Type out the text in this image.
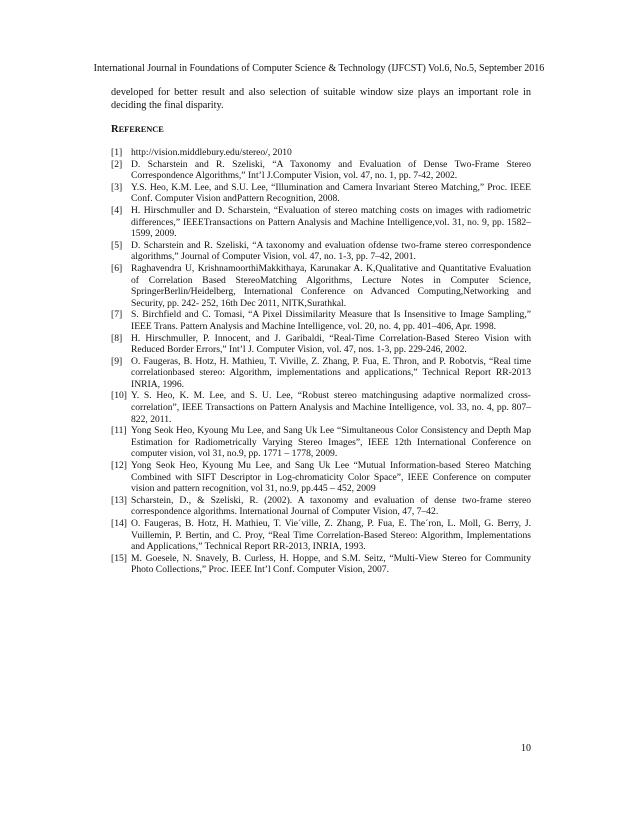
International Journal in Foundations of Computer Science & Technology (IJFCST) Vol.6, No.5, September 2016

developed for better result and also selection of suitable window size plays an important role in deciding the final disparity.

REFERENCE
[1] http://vision.middlebury.edu/stereo/, 2010
[2] D. Scharstein and R. Szeliski, “A Taxonomy and Evaluation of Dense Two-Frame Stereo Correspondence Algorithms,” Int’l J.Computer Vision, vol. 47, no. 1, pp. 7-42, 2002.
[3] Y.S. Heo, K.M. Lee, and S.U. Lee, “Illumination and Camera Invariant Stereo Matching,” Proc. IEEE Conf. Computer Vision andPattern Recognition, 2008.
[4] H. Hirschmuller and D. Scharstein, “Evaluation of stereo matching costs on images with radiometric differences,” IEEETransactions on Pattern Analysis and Machine Intelligence,vol. 31, no. 9, pp. 1582–1599, 2009.
[5] D. Scharstein and R. Szeliski, “A taxonomy and evaluation ofdense two-frame stereo correspondence algorithms,” Journal of Computer Vision, vol. 47, no. 1-3, pp. 7–42, 2001.
[6] Raghavendra U, KrishnamoorthiMakkithaya, Karunakar A. K,Qualitative and Quantitative Evaluation of Correlation Based StereoMatching Algorithms, Lecture Notes in Computer Science, SpringerBerlin/Heidelberg, International Conference on Advanced Computing,Networking and Security, pp. 242- 252, 16th Dec 2011, NITK,Surathkal.
[7] S. Birchfield and C. Tomasi, “A Pixel Dissimilarity Measure that Is Insensitive to Image Sampling,” IEEE Trans. Pattern Analysis and Machine Intelligence, vol. 20, no. 4, pp. 401–406, Apr. 1998.
[8] H. Hirschmuller, P. Innocent, and J. Garibaldi, “Real-Time Correlation-Based Stereo Vision with Reduced Border Errors,” Int’l J. Computer Vision, vol. 47, nos. 1-3, pp. 229-246, 2002.
[9] O. Faugeras, B. Hotz, H. Mathieu, T. Viville, Z. Zhang, P. Fua, E. Thron, and P. Robotvis, “Real time correlationbased stereo: Algorithm, implementations and applications,” Technical Report RR-2013 INRIA, 1996.
[10] Y. S. Heo, K. M. Lee, and S. U. Lee, “Robust stereo matchingusing adaptive normalized cross-correlation”, IEEE Transactions on Pattern Analysis and Machine Intelligence, vol. 33, no. 4, pp. 807–822, 2011.
[11] Yong Seok Heo, Kyoung Mu Lee, and Sang Uk Lee “Simultaneous Color Consistency and Depth Map Estimation for Radiometrically Varying Stereo Images”, IEEE 12th International Conference on computer vision, vol 31, no.9, pp. 1771 – 1778, 2009.
[12] Yong Seok Heo, Kyoung Mu Lee, and Sang Uk Lee “Mutual Information-based Stereo Matching Combined with SIFT Descriptor in Log-chromaticity Color Space”, IEEE Conference on computer vision and pattern recognition, vol 31, no.9, pp.445 – 452, 2009
[13] Scharstein, D., & Szeliski, R. (2002). A taxonomy and evaluation of dense two-frame stereo correspondence algorithms. International Journal of Computer Vision, 47, 7–42.
[14] O. Faugeras, B. Hotz, H. Mathieu, T. Vie´ville, Z. Zhang, P. Fua, E. The´ron, L. Moll, G. Berry, J. Vuillemin, P. Bertin, and C. Proy, “Real Time Correlation-Based Stereo: Algorithm, Implementations and Applications,” Technical Report RR-2013, INRIA, 1993.
[15] M. Goesele, N. Snavely, B. Curless, H. Hoppe, and S.M. Seitz, “Multi-View Stereo for Community Photo Collections,” Proc. IEEE Int’l Conf. Computer Vision, 2007.
10
